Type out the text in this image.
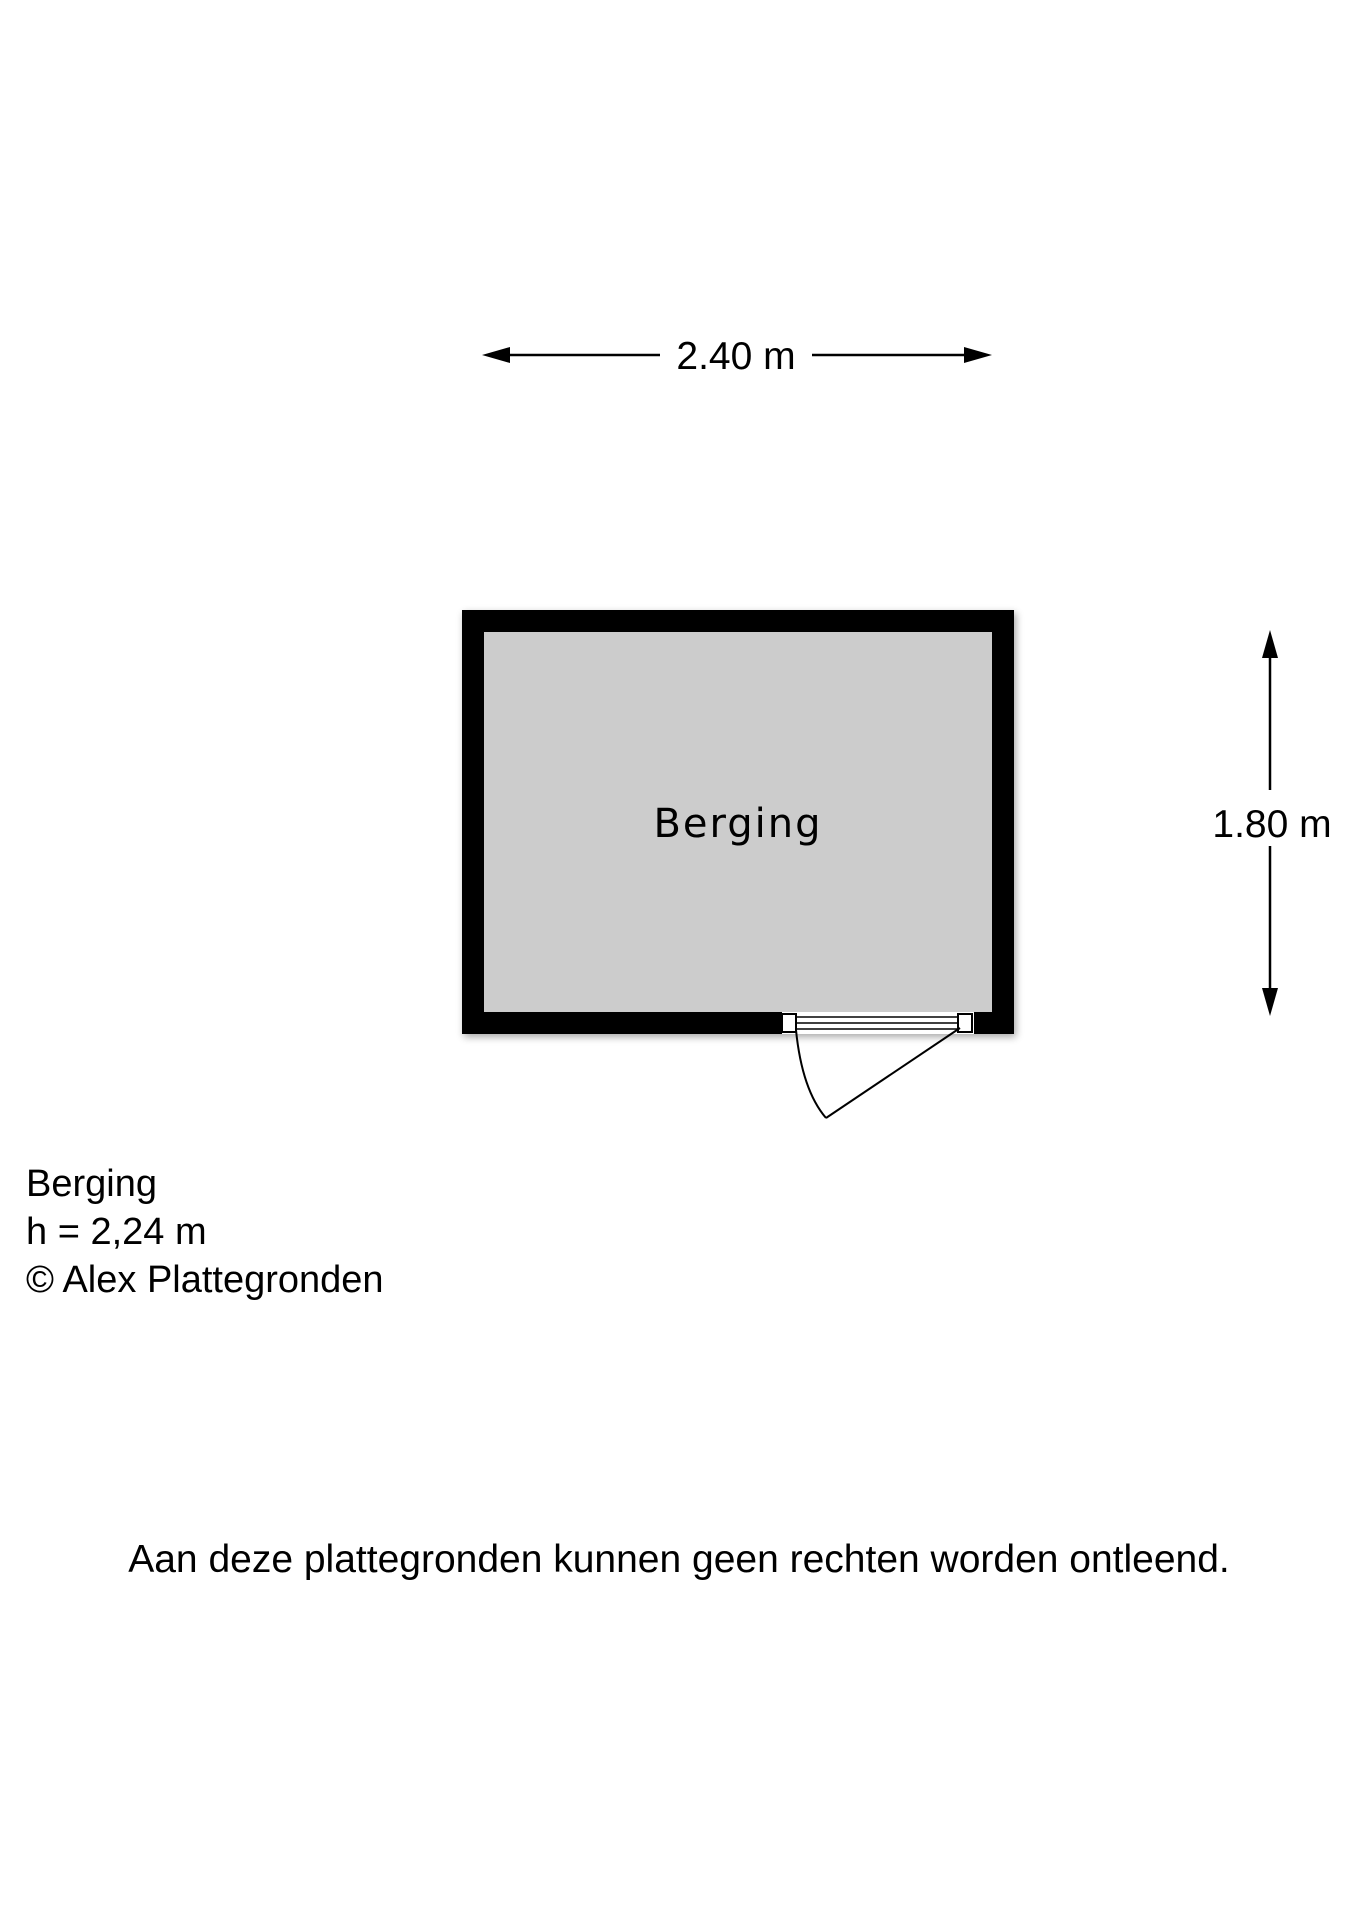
2.40 m
Berging	1.80 m
Berging
h = 2,24 m
© Alex Plattegronden
Aan deze plattegronden kunnen geen rechten worden ontleend.
